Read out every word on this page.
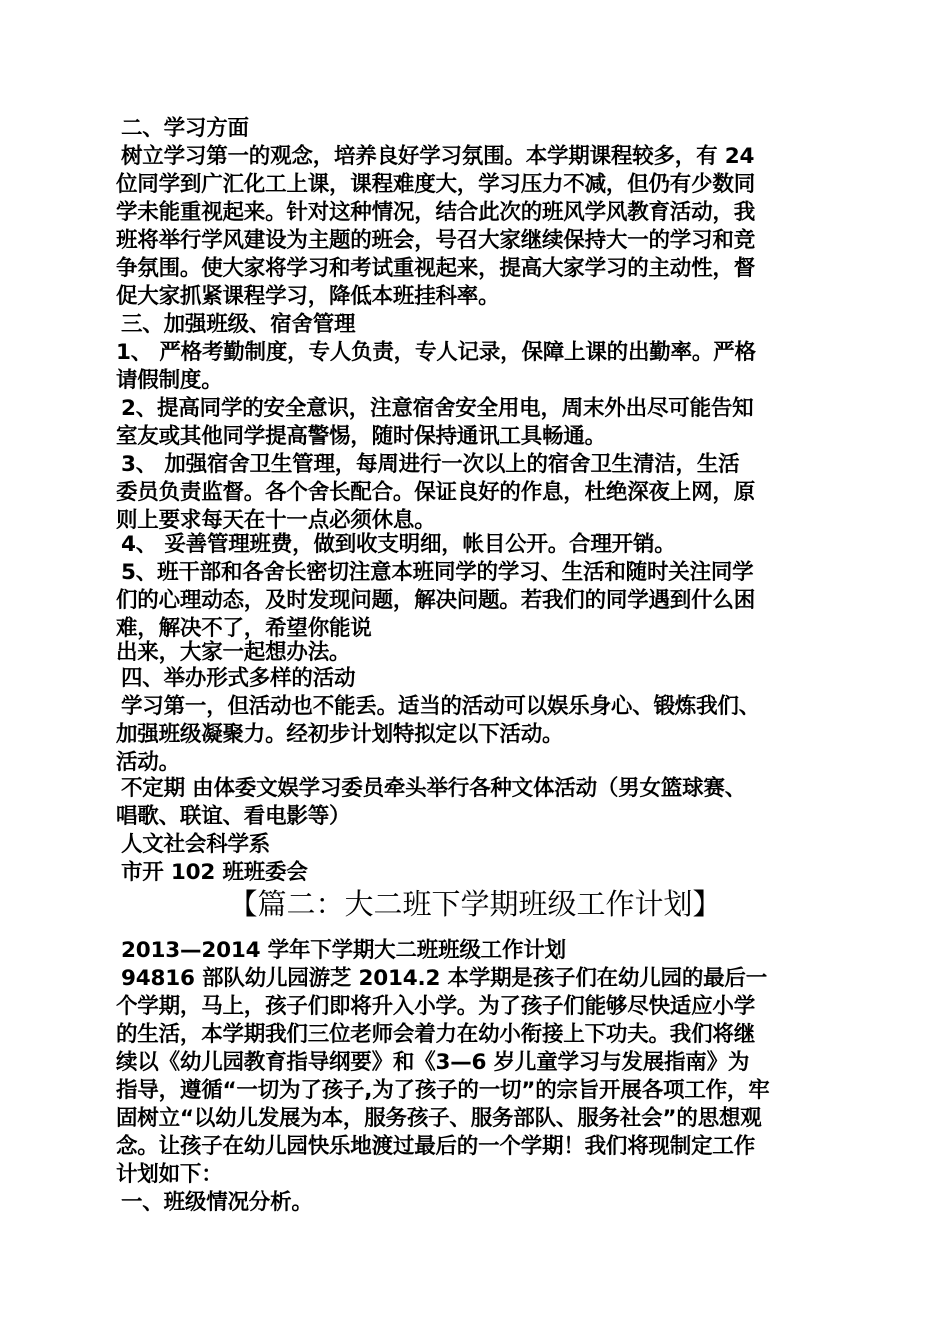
二、学习方面
树立学习第一的观念，培养良好学习氛围。本学期课程较多，有 24
位同学到广汇化工上课，课程难度大，学习压力不减，但仍有少数同
学未能重视起来。针对这种情况，结合此次的班风学风教育活动，我
班将举行学风建设为主题的班会，号召大家继续保持大一的学习和竞
争氛围。使大家将学习和考试重视起来，提高大家学习的主动性，督
促大家抓紧课程学习，降低本班挂科率。
三、加强班级、宿舍管理
1、 严格考勤制度，专人负责，专人记录，保障上课的出勤率。严格
请假制度。
2、提高同学的安全意识，注意宿舍安全用电，周末外出尽可能告知
室友或其他同学提高警惕，随时保持通讯工具畅通。
3、 加强宿舍卫生管理，每周进行一次以上的宿舍卫生清洁，生活
委员负责监督。各个舍长配合。保证良好的作息，杜绝深夜上网，原
则上要求每天在十一点必须休息。
4、 妥善管理班费，做到收支明细，帐目公开。合理开销。
5、班干部和各舍长密切注意本班同学的学习、生活和随时关注同学
们的心理动态，及时发现问题，解决问题。若我们的同学遇到什么困
难，解决不了，希望你能说
出来，大家一起想办法。
四、举办形式多样的活动
学习第一，但活动也不能丢。适当的活动可以娱乐身心、锻炼我们、
加强班级凝聚力。经初步计划特拟定以下活动。
活动。
不定期 由体委文娱学习委员牵头举行各种文体活动（男女篮球赛、
唱歌、联谊、看电影等）
人文社会科学系
市开 102 班班委会
【篇二：大二班下学期班级工作计划】
2013—2014 学年下学期大二班班级工作计划
94816 部队幼儿园游芝 2014.2 本学期是孩子们在幼儿园的最后一
个学期，马上，孩子们即将升入小学。为了孩子们能够尽快适应小学
的生活，本学期我们三位老师会着力在幼小衔接上下功夫。我们将继
续以《幼儿园教育指导纲要》和《3—6 岁儿童学习与发展指南》为
指导，遵循“一切为了孩子,为了孩子的一切”的宗旨开展各项工作，牢
固树立“以幼儿发展为本，服务孩子、服务部队、服务社会”的思想观
念。让孩子在幼儿园快乐地渡过最后的一个学期！我们将现制定工作
计划如下：
一、班级情况分析。
